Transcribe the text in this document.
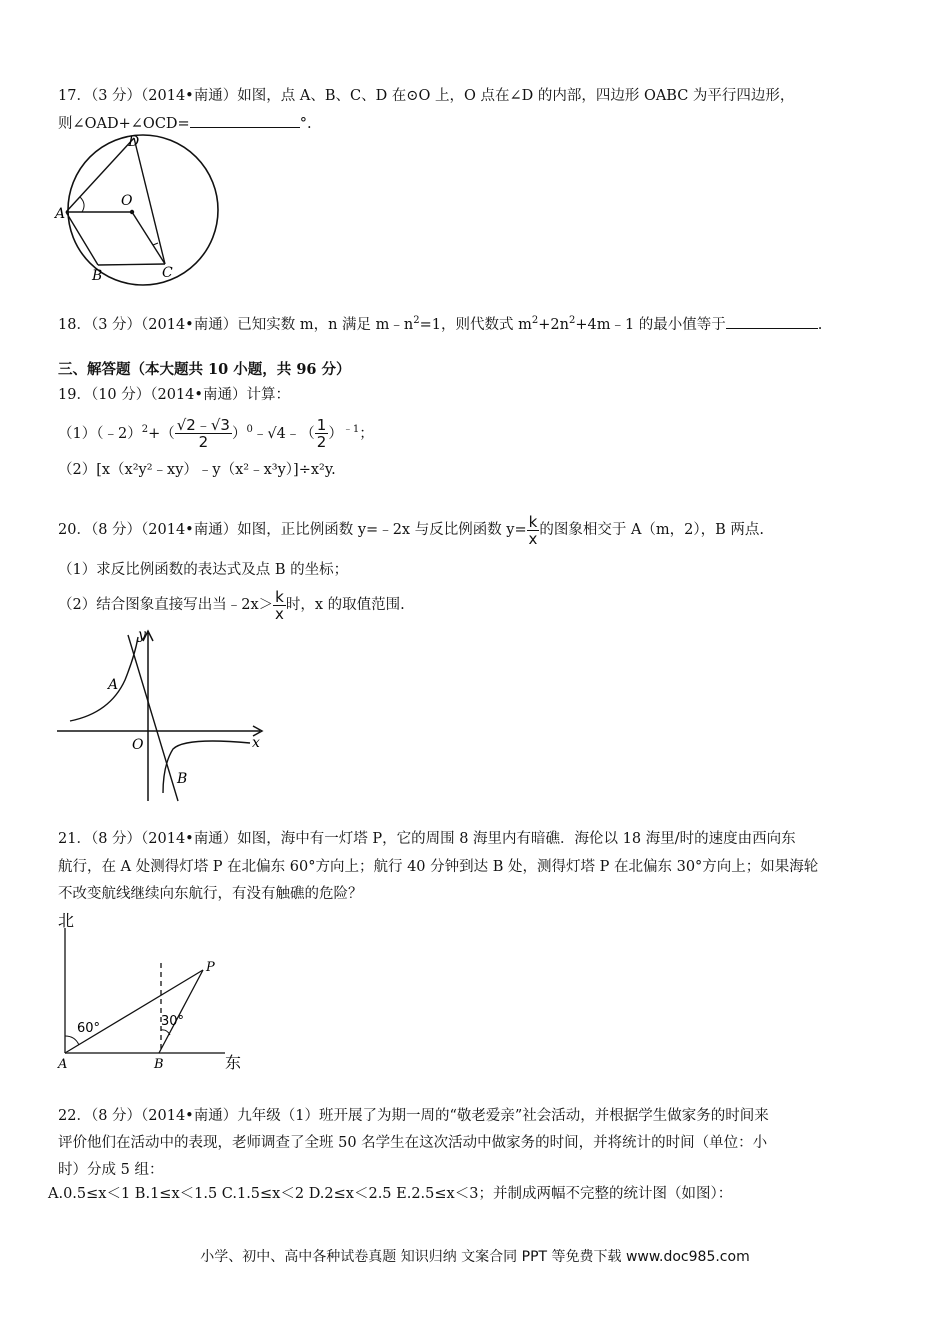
17．（3 分）（2014•南通）如图，点 A、B、C、D 在⊙O 上，O 点在∠D 的内部，四边形 OABC 为平行四边形，
则∠OAD+∠OCD=	°.
D
O
A
B	C
18．（3 分）（2014•南通）已知实数 m，n 满足 $m﹣n^2=1$，则代数式 $m^2+2n^2+4m﹣1$ 的最小值等于	.
三、解答题（本大题共 10 小题，共 96 分）
19．（10 分）（2014•南通）计算：
（1）（﹣2）$^2$+（ $\frac{√2﹣√3}{2}$ ）$^0$﹣√4﹣（ $\frac{1}{2} )^{﹣1}$；
（2）[x（x²y²﹣xy）﹣y（x²﹣x³y）]÷x²y.
20．（8 分）（2014•南通）如图，正比例函数 y=﹣2x 与反比例函数 $y= \frac{k}{x}$ 的图象相交于 A（m，2），B 两点.
（1）求反比例函数的表达式及点 B 的坐标；
（2）结合图象直接写出当﹣2x＞ $\frac{k}{x}$ 时，x 的取值范围.
y
A
O	x
B
21．（8 分）（2014•南通）如图，海中有一灯塔 P，它的周围 8 海里内有暗礁．海伦以 18 海里/时的速度由西向东
航行，在 A 处测得灯塔 P 在北偏东 60°方向上；航行 40 分钟到达 B 处，测得灯塔 P 在北偏东 30°方向上；如果海轮
不改变航线继续向东航行，有没有触礁的危险？
北
东
A	B
P
60°	30°
22．（8 分）（2014•南通）九年级（1）班开展了为期一周的“敬老爱亲”社会活动，并根据学生做家务的时间来
评价他们在活动中的表现，老师调查了全班 50 名学生在这次活动中做家务的时间，并将统计的时间（单位：小
时）分成 5 组：
A.0.5≤x＜1 B.1≤x＜1.5 C.1.5≤x＜2 D.2≤x＜2.5 E.2.5≤x＜3；并制成两幅不完整的统计图（如图）：
小学、初中、高中各种试卷真题 知识归纳 文案合同 PPT 等免费下载 www.doc985.com
